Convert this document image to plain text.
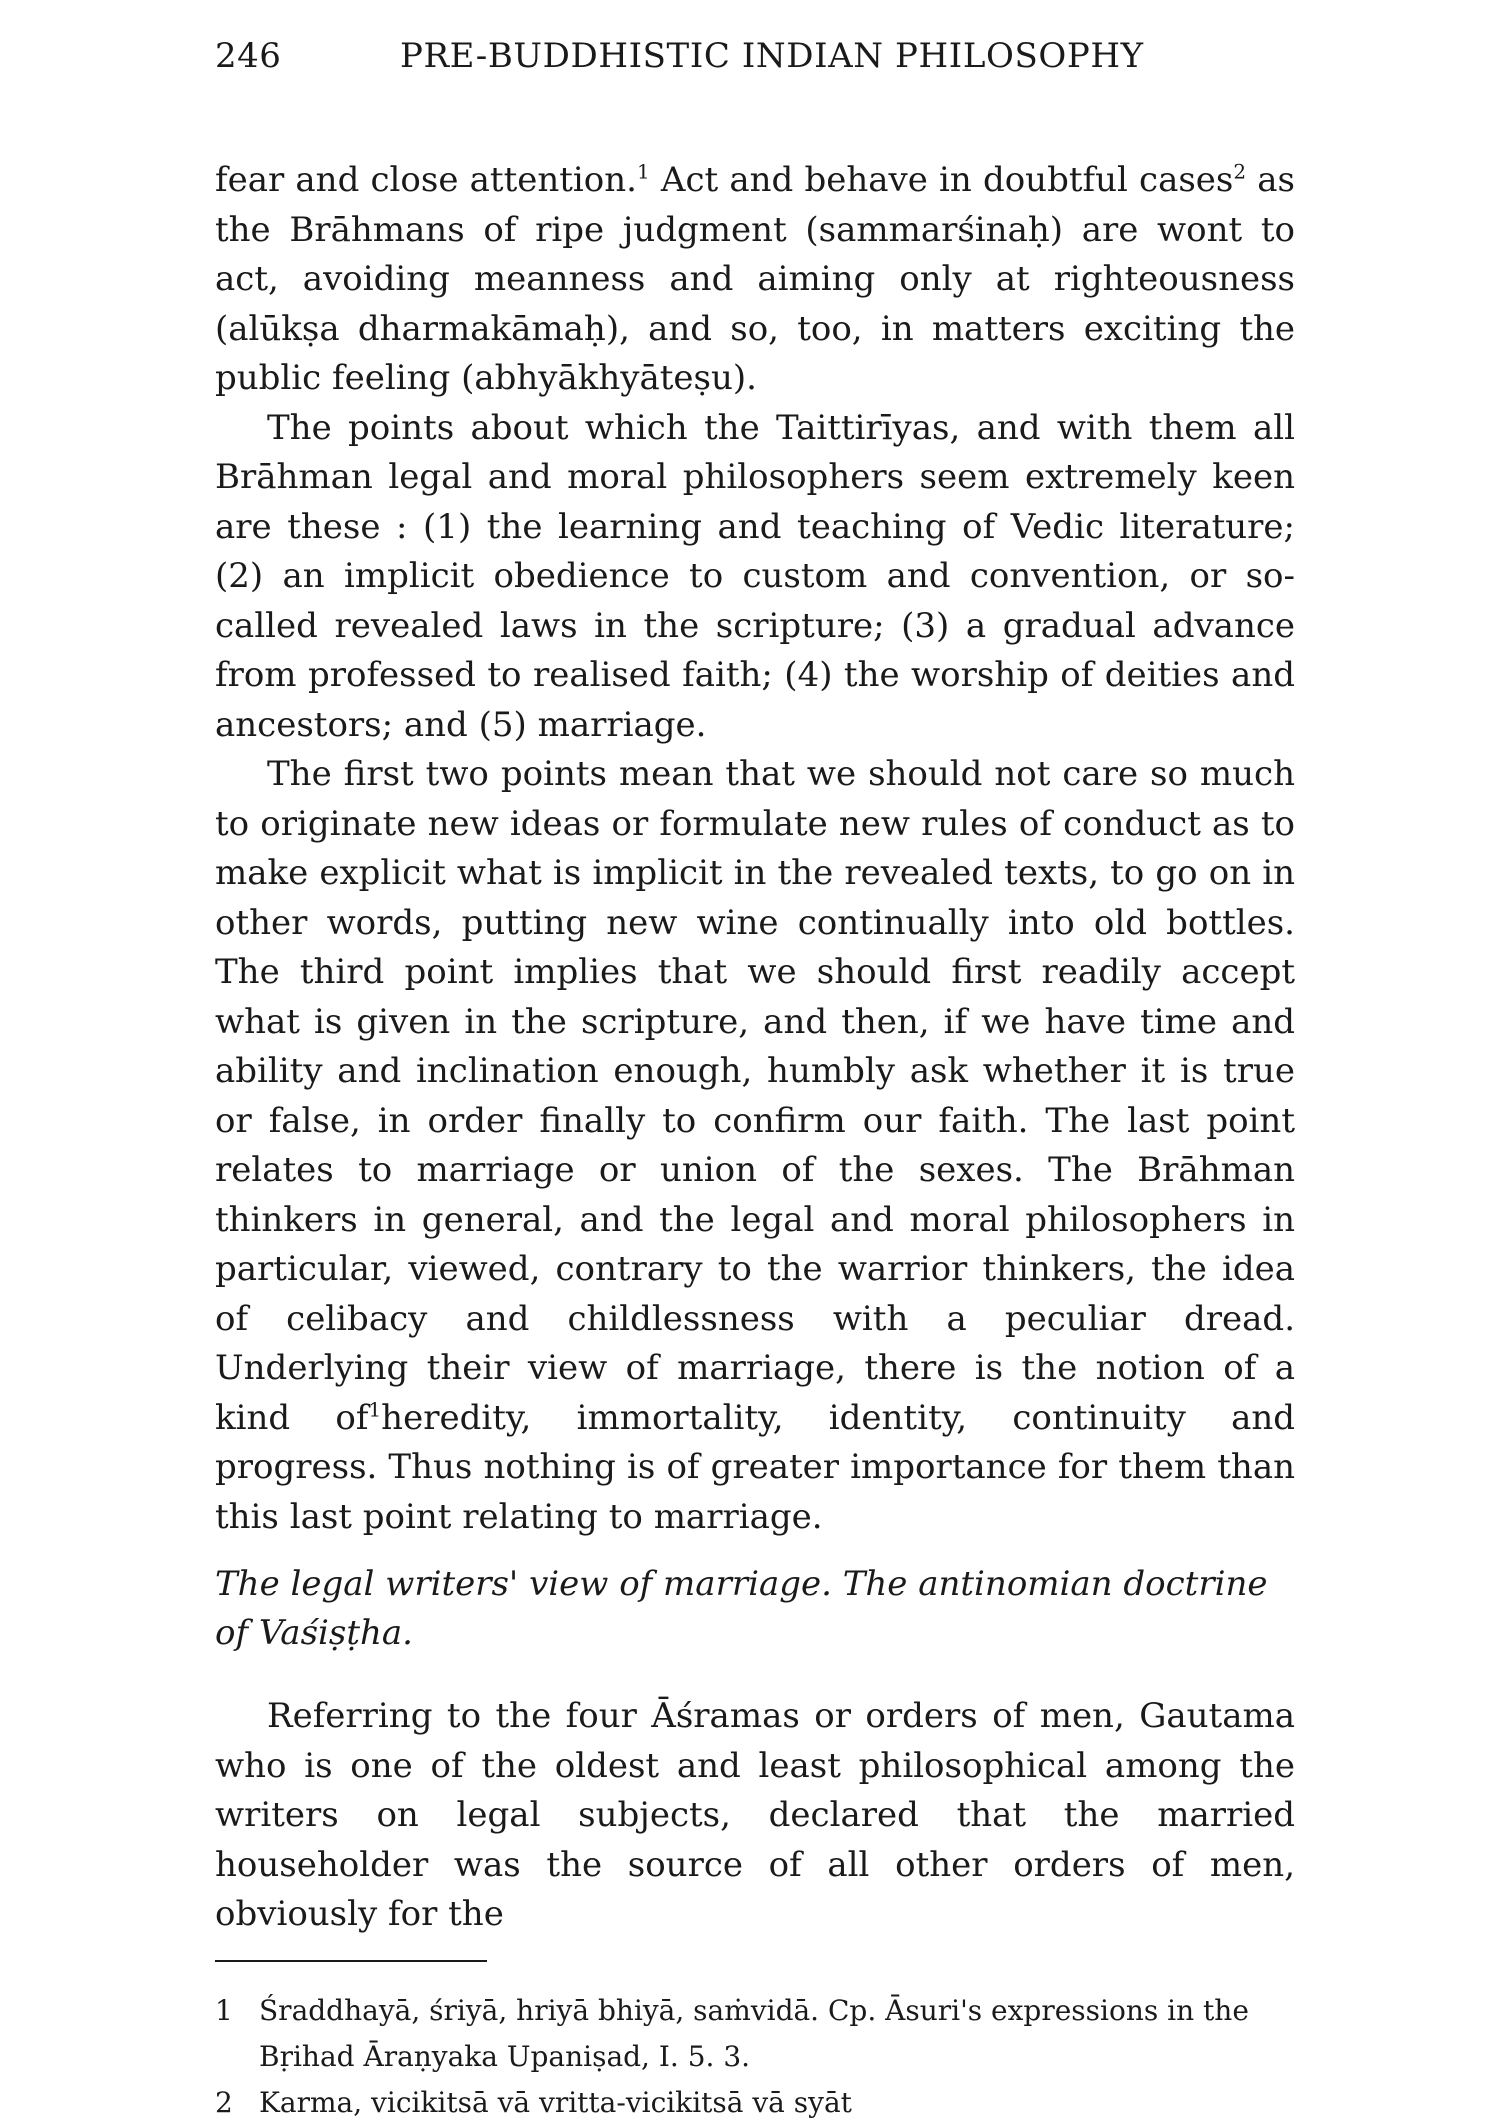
246	PRE-BUDDHISTIC INDIAN PHILOSOPHY

fear and close attention.$^1$ Act and behave in doubtful cases$^2$ as the Brāhmans of ripe judgment (sammarśinaḥ) are wont to act, avoiding meanness and aiming only at righteousness (alūkṣa dharmakāmaḥ), and so, too, in matters exciting the public feeling (abhyākhyāteṣu).

The points about which the Taittirīyas, and with them all Brāhman legal and moral philosophers seem extremely keen are these : (1) the learning and teaching of Vedic literature; (2) an implicit obedience to custom and convention, or so-called revealed laws in the scripture; (3) a gradual advance from professed to realised faith; (4) the worship of deities and ancestors; and (5) marriage.

The first two points mean that we should not care so much to originate new ideas or formulate new rules of conduct as to make explicit what is implicit in the revealed texts, to go on in other words, putting new wine continually into old bottles. The third point implies that we should first readily accept what is given in the scripture, and then, if we have time and ability and inclination enough, humbly ask whether it is true or false, in order finally to confirm our faith. The last point relates to marriage or union of the sexes. The Brāhman thinkers in general, and the legal and moral philosophers in particular, viewed, contrary to the warrior thinkers, the idea of celibacy and childlessness with a peculiar dread. Underlying their view of marriage, there is the notion of a kind $of_1heredity$, immortality, identity, continuity and progress. Thus nothing is of greater importance for them than this last point relating to marriage.

The legal writers' view of marriage. The antinomian doctrine of Vaśiṣṭha.

Referring to the four Āśramas or orders of men, Gautama who is one of the oldest and least philosophical among the writers on legal subjects, declared that the married householder was the source of all other orders of men, obviously for the

1 Śraddhayā, śriyā, hriyā bhiyā, saṁvidā. Cp. Āsuri's expressions in the Bṛihad Āraṇyaka Upaniṣad, I. 5. 3.
2 Karma, vicikitsā vā vritta-vicikitsā vā syāt
